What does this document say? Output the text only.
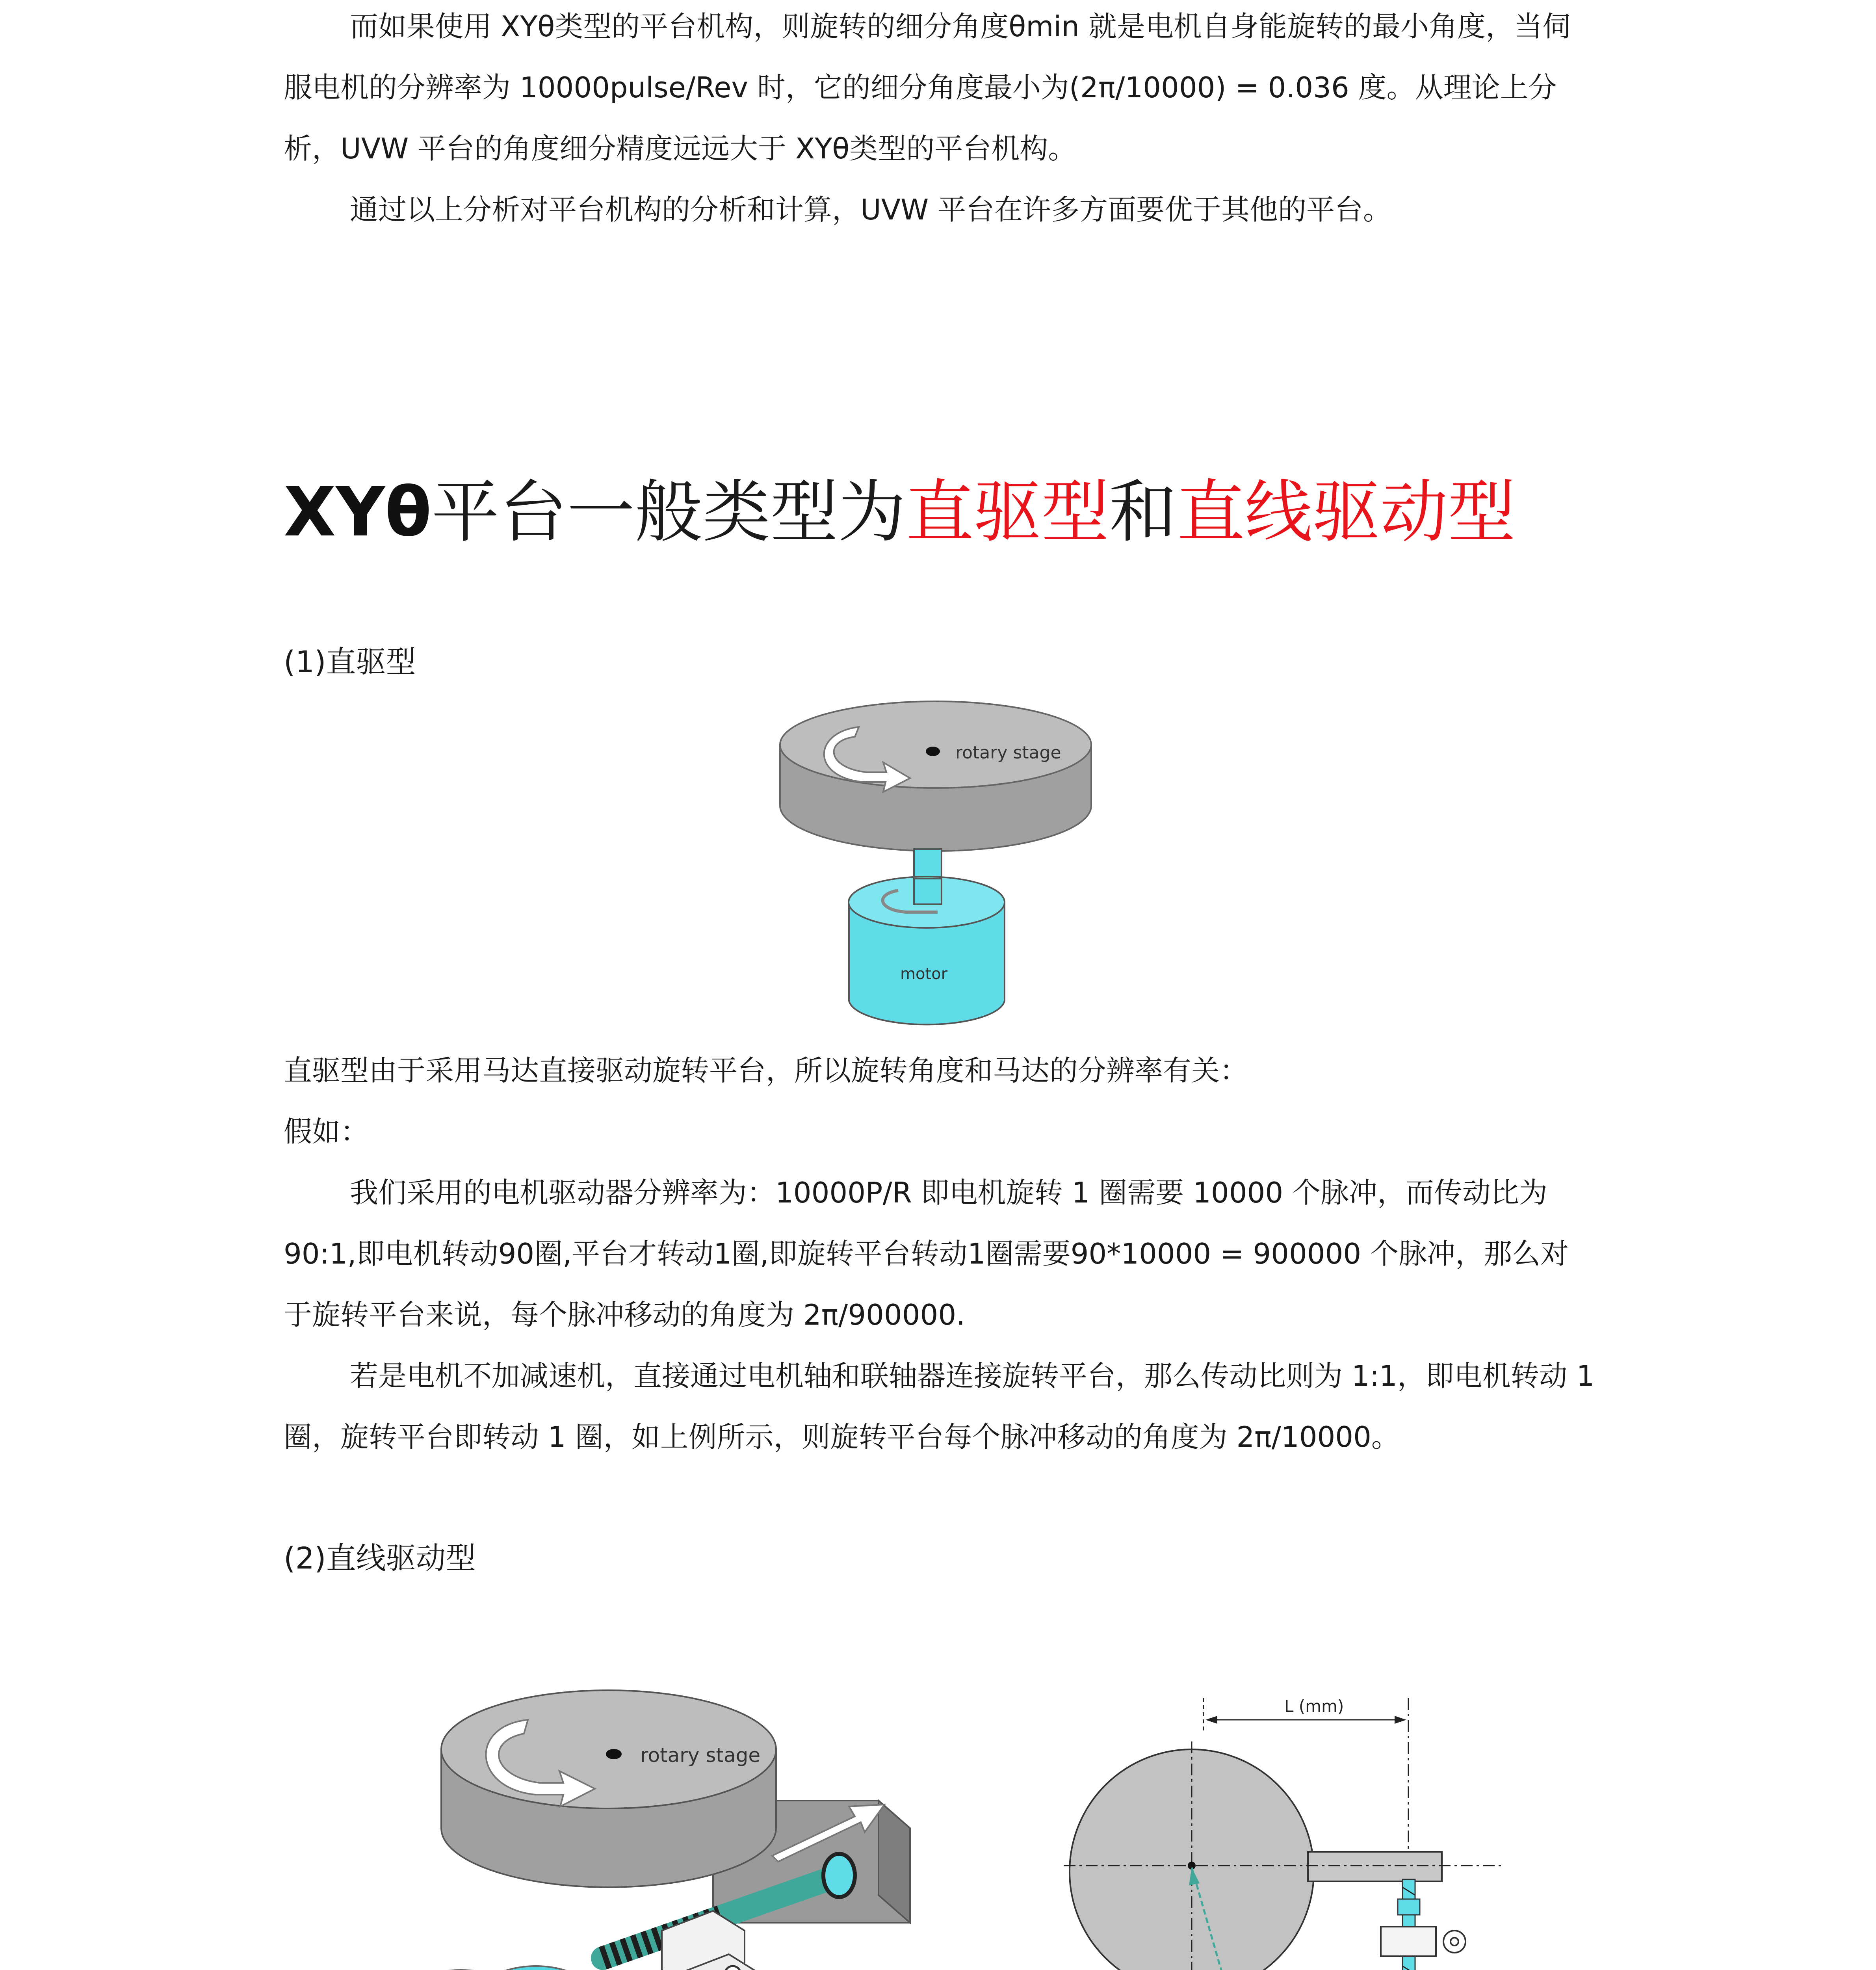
而如果使用 XYθ类型的平台机构，则旋转的细分角度θmin 就是电机自身能旋转的最小角度，当伺服电机的分辨率为 10000pulse/Rev 时，它的细分角度最小为(2π/10000) = 0.036 度。从理论上分析，UVW 平台的角度细分精度远远大于 XYθ类型的平台机构。

通过以上分析对平台机构的分析和计算，UVW 平台在许多方面要优于其他的平台。

XYθ平台一般类型为直驱型和直线驱动型

(1)直驱型

rotary stage
motor

直驱型由于采用马达直接驱动旋转平台，所以旋转角度和马达的分辨率有关：

假如：

我们采用的电机驱动器分辨率为：10000P/R 即电机旋转 1 圈需要 10000 个脉冲，而传动比为90:1,即电机转动90圈,平台才转动1圈,即旋转平台转动1圈需要90*10000 = 900000 个脉冲，那么对于旋转平台来说，每个脉冲移动的角度为 2π/900000.

若是电机不加减速机，直接通过电机轴和联轴器连接旋转平台，那么传动比则为 1:1，即电机转动 1 圈，旋转平台即转动 1 圈，如上例所示，则旋转平台每个脉冲移动的角度为 2π/10000。

(2)直线驱动型

rotary stage
L (mm)
